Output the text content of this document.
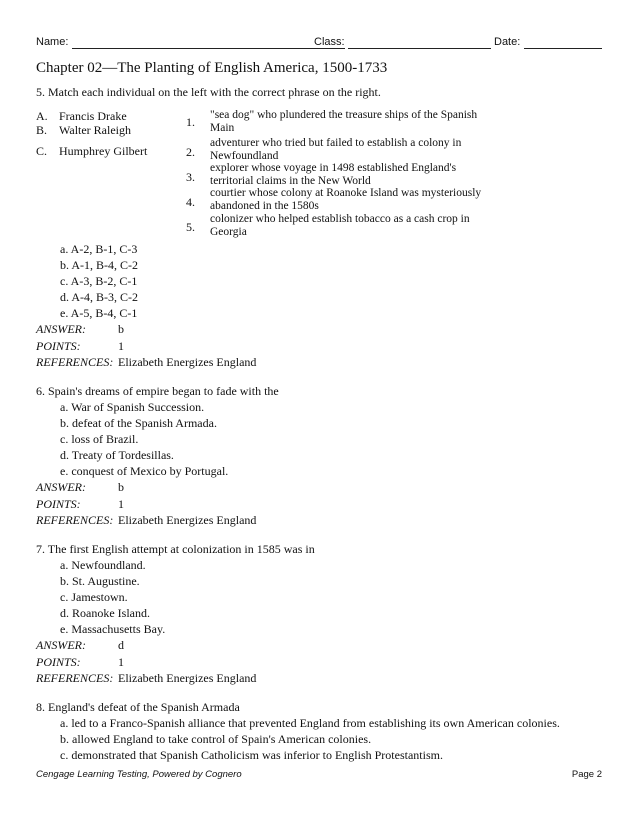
Name:	Class:	Date:
Chapter 02—The Planting of English America, 1500-1733
5. Match each individual on the left with the correct phrase on the right.
A. Francis Drake
B. Walter Raleigh
C. Humphrey Gilbert
1. "sea dog" who plundered the treasure ships of the Spanish
Main
2.
adventurer who tried but failed to establish a colony in
Newfoundland
3.
explorer whose voyage in 1498 established England's
territorial claims in the New World
4.
courtier whose colony at Roanoke Island was mysteriously
abandoned in the 1580s
5.
colonizer who helped establish tobacco as a cash crop in
Georgia
a. A-2, B-1, C-3
b. A-1, B-4, C-2
c. A-3, B-2, C-1
d. A-4, B-3, C-2
e. A-5, B-4, C-1
ANSWER:	b
POINTS:	1
REFERENCES: Elizabeth Energizes England
6. Spain's dreams of empire began to fade with the
a. War of Spanish Succession.
b. defeat of the Spanish Armada.
c. loss of Brazil.
d. Treaty of Tordesillas.
e. conquest of Mexico by Portugal.
ANSWER:	b
POINTS:	1
REFERENCES: Elizabeth Energizes England
7. The first English attempt at colonization in 1585 was in
a. Newfoundland.
b. St. Augustine.
c. Jamestown.
d. Roanoke Island.
e. Massachusetts Bay.
ANSWER:	d
POINTS:	1
REFERENCES: Elizabeth Energizes England
8. England's defeat of the Spanish Armada
a. led to a Franco-Spanish alliance that prevented England from establishing its own American colonies.
b. allowed England to take control of Spain's American colonies.
c. demonstrated that Spanish Catholicism was inferior to English Protestantism.
Cengage Learning Testing, Powered by Cognero	Page 2
